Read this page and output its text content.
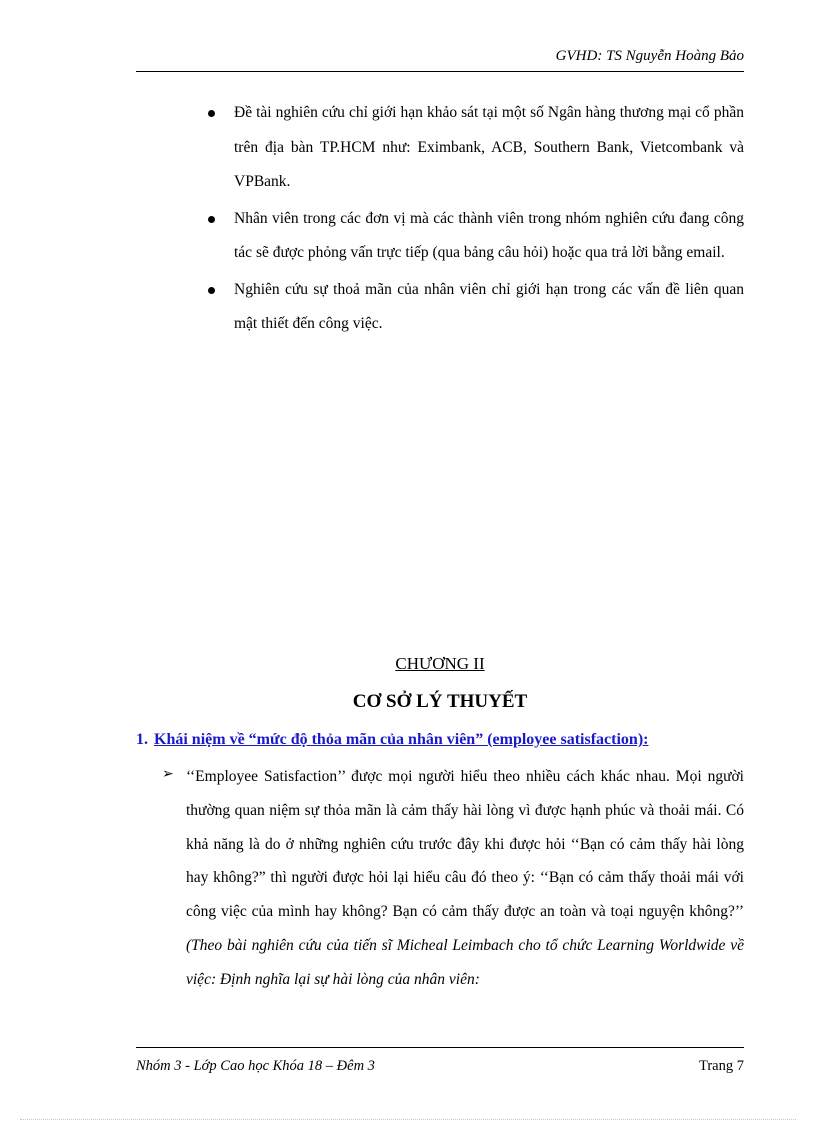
GVHD: TS Nguyễn Hoàng Bảo
Đề tài nghiên cứu chỉ giới hạn khảo sát tại một số Ngân hàng thương mại cổ phần trên địa bàn TP.HCM như: Eximbank, ACB, Southern Bank, Vietcombank và VPBank.
Nhân viên trong các đơn vị mà các thành viên trong nhóm nghiên cứu đang công tác sẽ được phỏng vấn trực tiếp (qua bảng câu hỏi) hoặc qua trả lời bằng email.
Nghiên cứu sự thoả mãn của nhân viên chỉ giới hạn trong các vấn đề liên quan mật thiết đến công việc.
CHƯƠNG II
CƠ SỞ LÝ THUYẾT
1. Khái niệm về “mức độ thỏa mãn của nhân viên” (employee satisfaction):
➢ ‘‘Employee Satisfaction’’ được mọi người hiểu theo nhiều cách khác nhau. Mọi người thường quan niệm sự thỏa mãn là cảm thấy hài lòng vì được hạnh phúc và thoải mái. Có khả năng là do ở những nghiên cứu trước đây khi được hỏi ‘‘Bạn có cảm thấy hài lòng hay không?” thì người được hỏi lại hiểu câu đó theo ý: ‘‘Bạn có cảm thấy thoải mái với công việc của mình hay không? Bạn có cảm thấy được an toàn và toại nguyện không?’’ (Theo bài nghiên cứu của tiến sĩ Micheal Leimbach cho tổ chức Learning Worldwide về việc: Định nghĩa lại sự hài lòng của nhân viên:
Nhóm 3 - Lớp Cao học Khóa 18 – Đêm 3	Trang 7
